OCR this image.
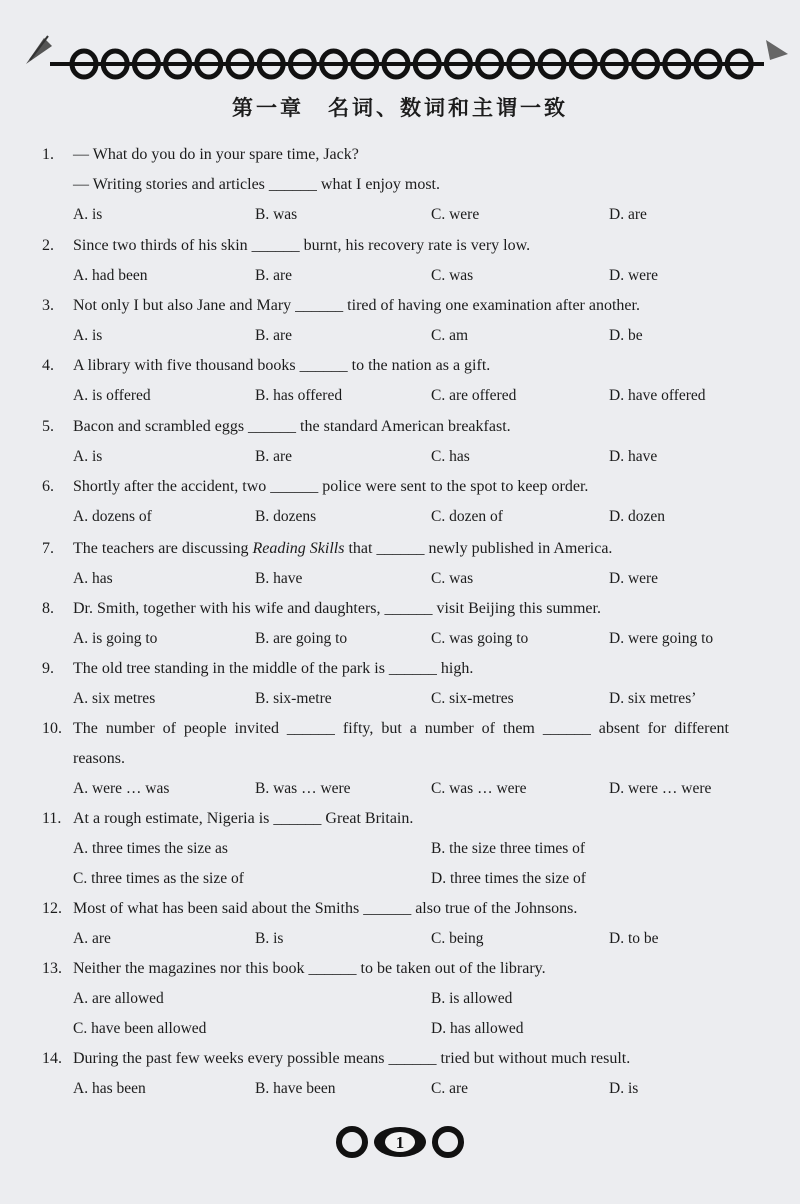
第一章　名词、数词和主谓一致
1. — What do you do in your spare time, Jack?
— Writing stories and articles ______ what I enjoy most.
A. is	B. was	C. were	D. are
2. Since two thirds of his skin ______ burnt, his recovery rate is very low.
A. had been	B. are	C. was	D. were
3. Not only I but also Jane and Mary ______ tired of having one examination after another.
A. is	B. are	C. am	D. be
4. A library with five thousand books ______ to the nation as a gift.
A. is offered	B. has offered	C. are offered	D. have offered
5. Bacon and scrambled eggs ______ the standard American breakfast.
A. is	B. are	C. has	D. have
6. Shortly after the accident, two ______ police were sent to the spot to keep order.
A. dozens of	B. dozens	C. dozen of	D. dozen
7. The teachers are discussing Reading Skills that ______ newly published in America.
A. has	B. have	C. was	D. were
8. Dr. Smith, together with his wife and daughters, ______ visit Beijing this summer.
A. is going to	B. are going to	C. was going to	D. were going to
9. The old tree standing in the middle of the park is ______ high.
A. six metres	B. six-metre	C. six-metres	D. six metres’
10. The number of people invited ______ fifty, but a number of them ______ absent for different
reasons.
A. were … was	B. was … were	C. was … were	D. were … were
11. At a rough estimate, Nigeria is ______ Great Britain.
A. three times the size as	B. the size three times of
C. three times as the size of	D. three times the size of
12. Most of what has been said about the Smiths ______ also true of the Johnsons.
A. are	B. is	C. being	D. to be
13. Neither the magazines nor this book ______ to be taken out of the library.
A. are allowed	B. is allowed
C. have been allowed	D. has allowed
14. During the past few weeks every possible means ______ tried but without much result.
A. has been	B. have been	C. are	D. is
1
